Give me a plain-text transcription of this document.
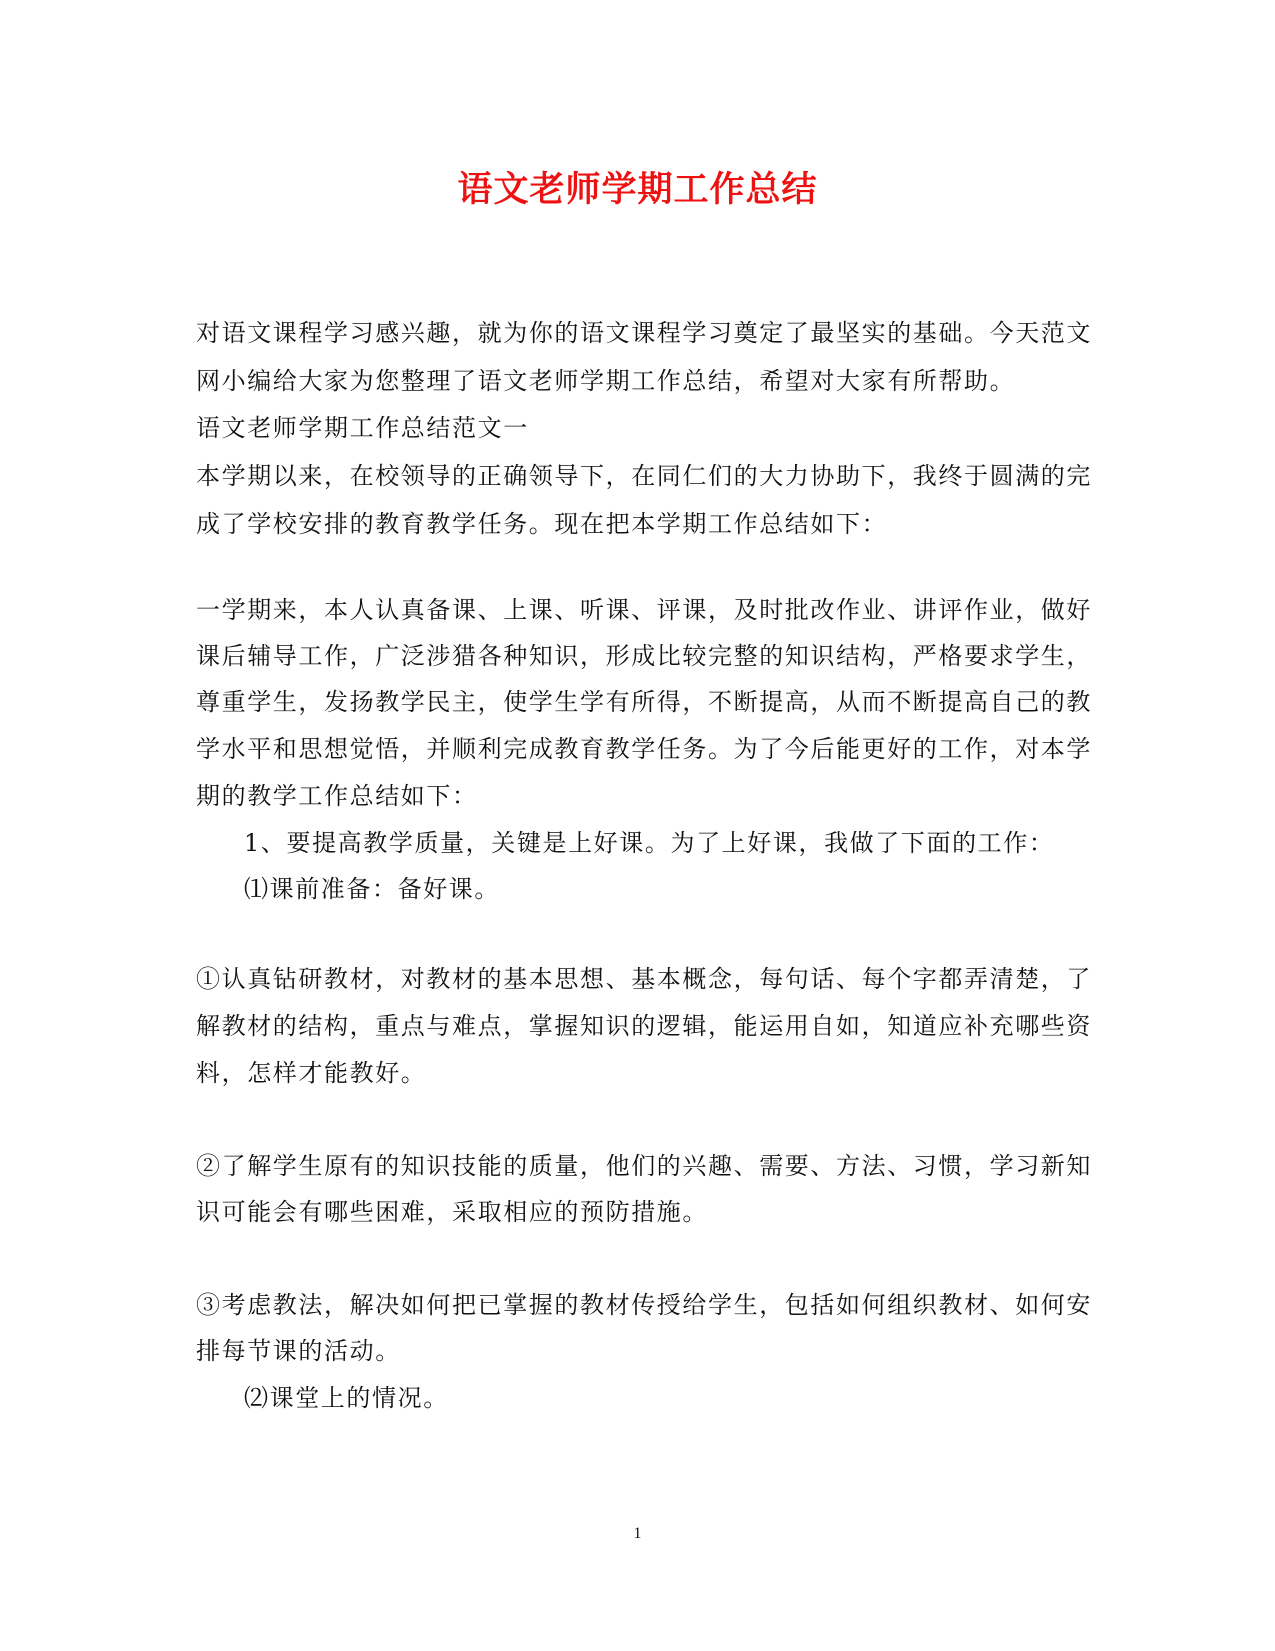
语文老师学期工作总结
对语文课程学习感兴趣，就为你的语文课程学习奠定了最坚实的基础。今天范文
网小编给大家为您整理了语文老师学期工作总结，希望对大家有所帮助。
语文老师学期工作总结范文一
本学期以来，在校领导的正确领导下，在同仁们的大力协助下，我终于圆满的完
成了学校安排的教育教学任务。现在把本学期工作总结如下：
一学期来，本人认真备课、上课、听课、评课，及时批改作业、讲评作业，做好
课后辅导工作，广泛涉猎各种知识，形成比较完整的知识结构，严格要求学生，
尊重学生，发扬教学民主，使学生学有所得，不断提高，从而不断提高自己的教
学水平和思想觉悟，并顺利完成教育教学任务。为了今后能更好的工作，对本学
期的教学工作总结如下：
1、要提高教学质量，关键是上好课。为了上好课，我做了下面的工作：
⑴课前准备：备好课。
①认真钻研教材，对教材的基本思想、基本概念，每句话、每个字都弄清楚，了
解教材的结构，重点与难点，掌握知识的逻辑，能运用自如，知道应补充哪些资
料，怎样才能教好。
②了解学生原有的知识技能的质量，他们的兴趣、需要、方法、习惯，学习新知
识可能会有哪些困难，采取相应的预防措施。
③考虑教法，解决如何把已掌握的教材传授给学生，包括如何组织教材、如何安
排每节课的活动。
⑵课堂上的情况。
1
